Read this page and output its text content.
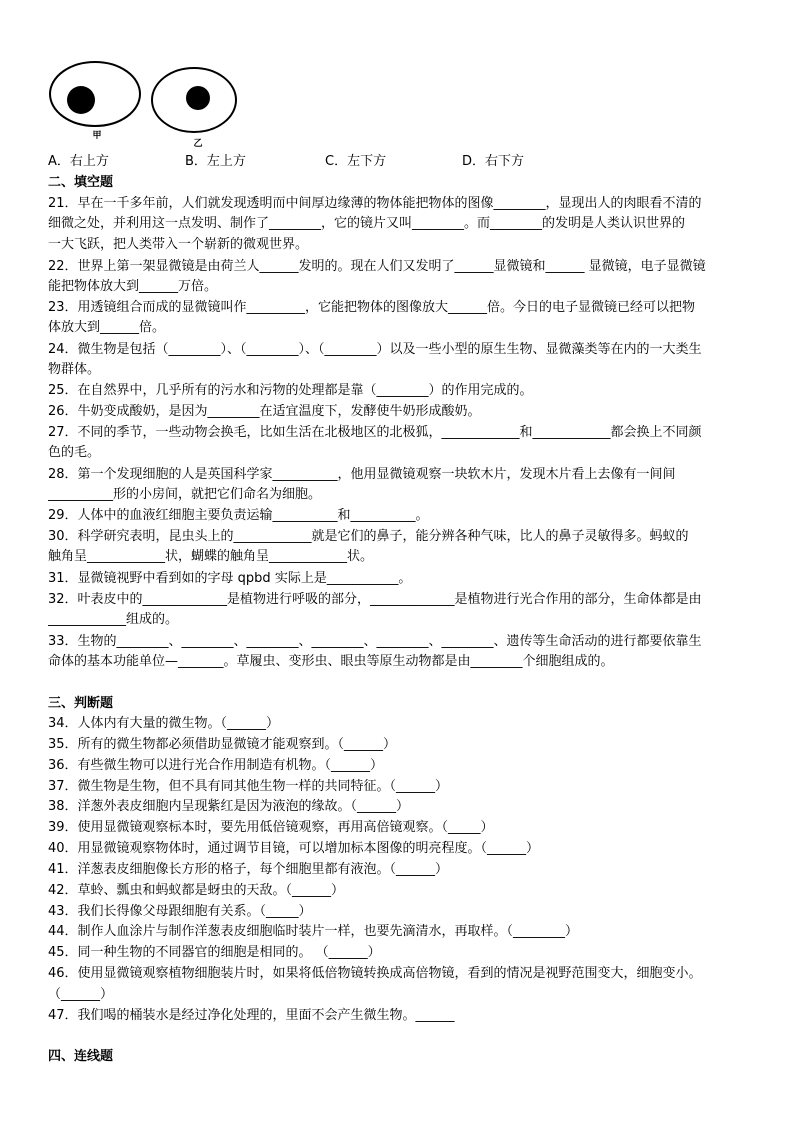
甲
乙
A．右上方	B．左上方	C．左下方	D．右下方
二、填空题
21．早在一千多年前，人们就发现透明而中间厚边缘薄的物体能把物体的图像________，显现出人的肉眼看不清的
细微之处，并利用这一点发明、制作了________，它的镜片又叫________。而________的发明是人类认识世界的
一大飞跃，把人类带入一个崭新的微观世界。
22．世界上第一架显微镜是由荷兰人______发明的。现在人们又发明了______显微镜和______ 显微镜，电子显微镜
能把物体放大到______万倍。
23．用透镜组合而成的显微镜叫作_________，它能把物体的图像放大______倍。今日的电子显微镜已经可以把物
体放大到______倍。
24．微生物是包括（________）、（________）、（________）以及一些小型的原生生物、显微藻类等在内的一大类生
物群体。
25．在自然界中，几乎所有的污水和污物的处理都是靠（________）的作用完成的。
26．牛奶变成酸奶，是因为________在适宜温度下，发酵使牛奶形成酸奶。
27．不同的季节，一些动物会换毛，比如生活在北极地区的北极狐，____________和____________都会换上不同颜
色的毛。
28．第一个发现细胞的人是英国科学家__________，他用显微镜观察一块软木片，发现木片看上去像有一间间
__________形的小房间，就把它们命名为细胞。
29．人体中的血液红细胞主要负责运输__________和__________。
30．科学研究表明，昆虫头上的____________就是它们的鼻子，能分辨各种气味，比人的鼻子灵敏得多。蚂蚁的
触角呈____________状，蝴蝶的触角呈____________状。
31．显微镜视野中看到如的字母 qpbd 实际上是___________。
32．叶表皮中的_____________是植物进行呼吸的部分，_____________是植物进行光合作用的部分，生命体都是由
____________组成的。
33．生物的________、________、________、________、________、________、遗传等生命活动的进行都要依靠生
命体的基本功能单位—_______。草履虫、变形虫、眼虫等原生动物都是由________个细胞组成的。
三、判断题
34．人体内有大量的微生物。（______）
35．所有的微生物都必须借助显微镜才能观察到。（______）
36．有些微生物可以进行光合作用制造有机物。（______）
37．微生物是生物，但不具有同其他生物一样的共同特征。（______）
38．洋葱外表皮细胞内呈现紫红是因为液泡的缘故。（______）
39．使用显微镜观察标本时，要先用低倍镜观察，再用高倍镜观察。（_____）
40．用显微镜观察物体时，通过调节目镜，可以增加标本图像的明亮程度。（______）
41．洋葱表皮细胞像长方形的格子，每个细胞里都有液泡。（______）
42．草蛉、瓢虫和蚂蚁都是蚜虫的天敌。（______）
43．我们长得像父母跟细胞有关系。（_____）
44．制作人血涂片与制作洋葱表皮细胞临时装片一样，也要先滴清水，再取样。（________）
45．同一种生物的不同器官的细胞是相同的。 （______）
46．使用显微镜观察植物细胞装片时，如果将低倍物镜转换成高倍物镜，看到的情况是视野范围变大，细胞变小。
（______）
47．我们喝的桶装水是经过净化处理的，里面不会产生微生物。______
四、连线题
